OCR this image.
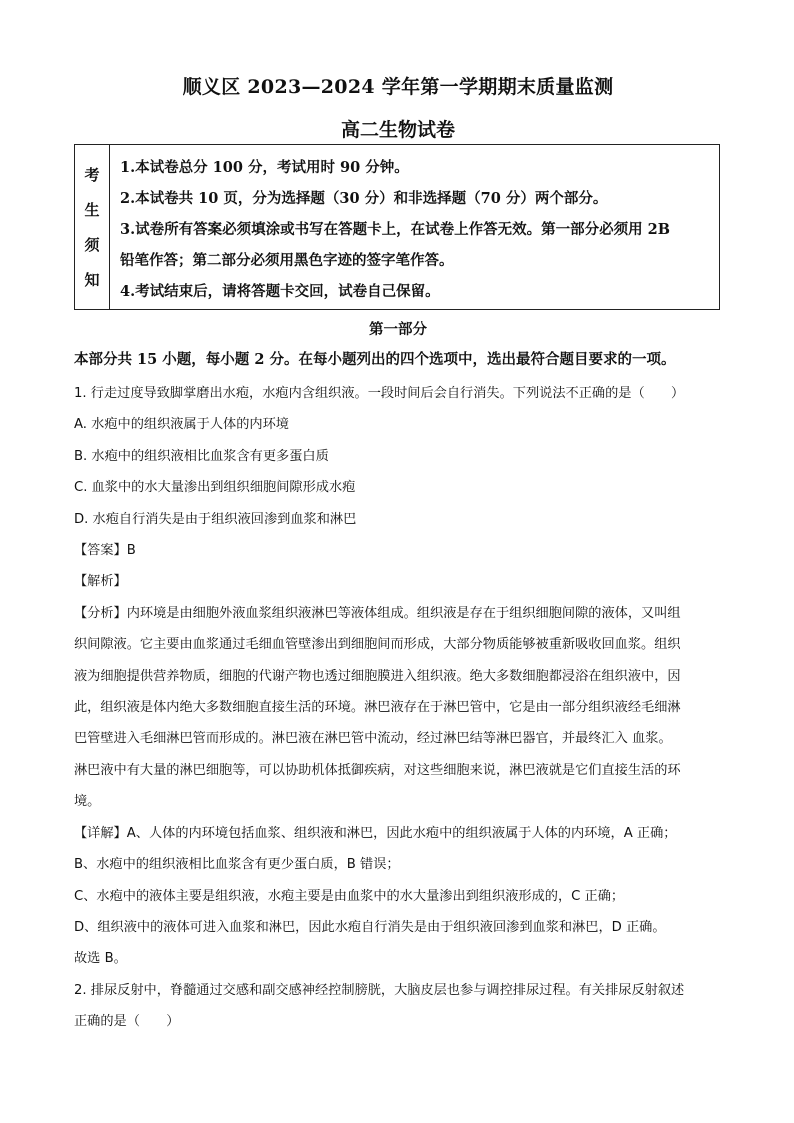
顺义区 2023—2024 学年第一学期期末质量监测
高二生物试卷
考
生
须
知
1.本试卷总分 100 分，考试用时 90 分钟。
2.本试卷共 10 页，分为选择题（30 分）和非选择题（70 分）两个部分。
3.试卷所有答案必须填涂或书写在答题卡上，在试卷上作答无效。第一部分必须用 2B
铅笔作答；第二部分必须用黑色字迹的签字笔作答。
4.考试结束后，请将答题卡交回，试卷自己保留。
第一部分
本部分共 15 小题，每小题 2 分。在每小题列出的四个选项中，选出最符合题目要求的一项。

1. 行走过度导致脚掌磨出水疱，水疱内含组织液。一段时间后会自行消失。下列说法不正确的是（　　）

A. 水疱中的组织液属于人体的内环境

B. 水疱中的组织液相比血浆含有更多蛋白质

C. 血浆中的水大量渗出到组织细胞间隙形成水疱

D. 水疱自行消失是由于组织液回渗到血浆和淋巴

【答案】B

【解析】

【分析】内环境是由细胞外液血浆组织液淋巴等液体组成。组织液是存在于组织细胞间隙的液体，又叫组

织间隙液。它主要由血浆通过毛细血管壁渗出到细胞间而形成，大部分物质能够被重新吸收回血浆。组织

液为细胞提供营养物质，细胞的代谢产物也透过细胞膜进入组织液。绝大多数细胞都浸浴在组织液中，因

此，组织液是体内绝大多数细胞直接生活的环境。淋巴液存在于淋巴管中，它是由一部分组织液经毛细淋

巴管壁进入毛细淋巴管而形成的。淋巴液在淋巴管中流动，经过淋巴结等淋巴器官，并最终汇入 血浆。

淋巴液中有大量的淋巴细胞等，可以协助机体抵御疾病，对这些细胞来说，淋巴液就是它们直接生活的环

境。

【详解】A、人体的内环境包括血浆、组织液和淋巴，因此水疱中的组织液属于人体的内环境，A 正确；

B、水疱中的组织液相比血浆含有更少蛋白质，B 错误；

C、水疱中的液体主要是组织液，水疱主要是由血浆中的水大量渗出到组织液形成的，C 正确；

D、组织液中的液体可进入血浆和淋巴，因此水疱自行消失是由于组织液回渗到血浆和淋巴，D 正确。

故选 B。

2. 排尿反射中，脊髓通过交感和副交感神经控制膀胱，大脑皮层也参与调控排尿过程。有关排尿反射叙述

正确的是（　　）
